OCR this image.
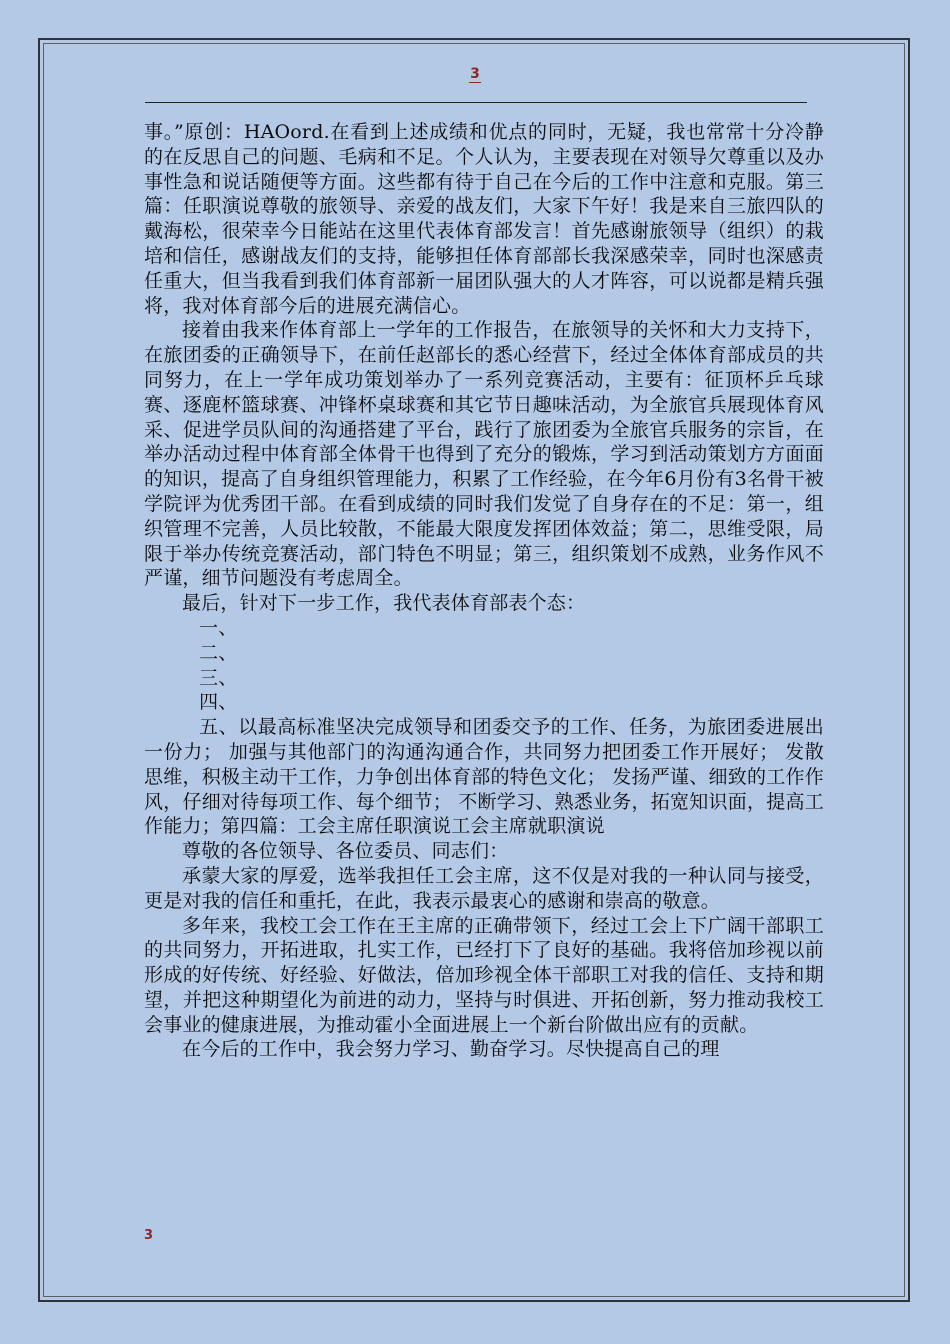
3

事。”原创：HAOord.在看到上述成绩和优点的同时，无疑，我也常常十分冷静的在反思自己的问题、毛病和不足。个人认为，主要表现在对领导欠尊重以及办事性急和说话随便等方面。这些都有待于自己在今后的工作中注意和克服。第三篇：任职演说尊敬的旅领导、亲爱的战友们，大家下午好！我是来自三旅四队的戴海松，很荣幸今日能站在这里代表体育部发言！首先感谢旅领导（组织）的栽培和信任，感谢战友们的支持，能够担任体育部部长我深感荣幸，同时也深感责任重大，但当我看到我们体育部新一届团队强大的人才阵容，可以说都是精兵强将，我对体育部今后的进展充满信心。

接着由我来作体育部上一学年的工作报告，在旅领导的关怀和大力支持下，在旅团委的正确领导下，在前任赵部长的悉心经营下，经过全体体育部成员的共同努力，在上一学年成功策划举办了一系列竞赛活动，主要有：征顶杯乒乓球赛、逐鹿杯篮球赛、冲锋杯桌球赛和其它节日趣味活动，为全旅官兵展现体育风采、促进学员队间的沟通搭建了平台，践行了旅团委为全旅官兵服务的宗旨，在举办活动过程中体育部全体骨干也得到了充分的锻炼，学习到活动策划方方面面的知识，提高了自身组织管理能力，积累了工作经验，在今年6月份有3名骨干被学院评为优秀团干部。在看到成绩的同时我们发觉了自身存在的不足：第一，组织管理不完善，人员比较散，不能最大限度发挥团体效益；第二，思维受限，局限于举办传统竞赛活动，部门特色不明显；第三，组织策划不成熟，业务作风不严谨，细节问题没有考虑周全。

最后，针对下一步工作，我代表体育部表个态：

一、

二、

三、

四、

五、以最高标准坚决完成领导和团委交予的工作、任务，为旅团委进展出一份力； 加强与其他部门的沟通沟通合作，共同努力把团委工作开展好； 发散思维，积极主动干工作，力争创出体育部的特色文化； 发扬严谨、细致的工作作风，仔细对待每项工作、每个细节； 不断学习、熟悉业务，拓宽知识面，提高工作能力；第四篇：工会主席任职演说工会主席就职演说

尊敬的各位领导、各位委员、同志们：

承蒙大家的厚爱，选举我担任工会主席，这不仅是对我的一种认同与接受，更是对我的信任和重托，在此，我表示最衷心的感谢和崇高的敬意。

多年来，我校工会工作在王主席的正确带领下，经过工会上下广阔干部职工的共同努力，开拓进取，扎实工作，已经打下了良好的基础。我将倍加珍视以前形成的好传统、好经验、好做法，倍加珍视全体干部职工对我的信任、支持和期望，并把这种期望化为前进的动力，坚持与时俱进、开拓创新，努力推动我校工会事业的健康进展，为推动霍小全面进展上一个新台阶做出应有的贡献。

在今后的工作中，我会努力学习、勤奋学习。尽快提高自己的理

3
